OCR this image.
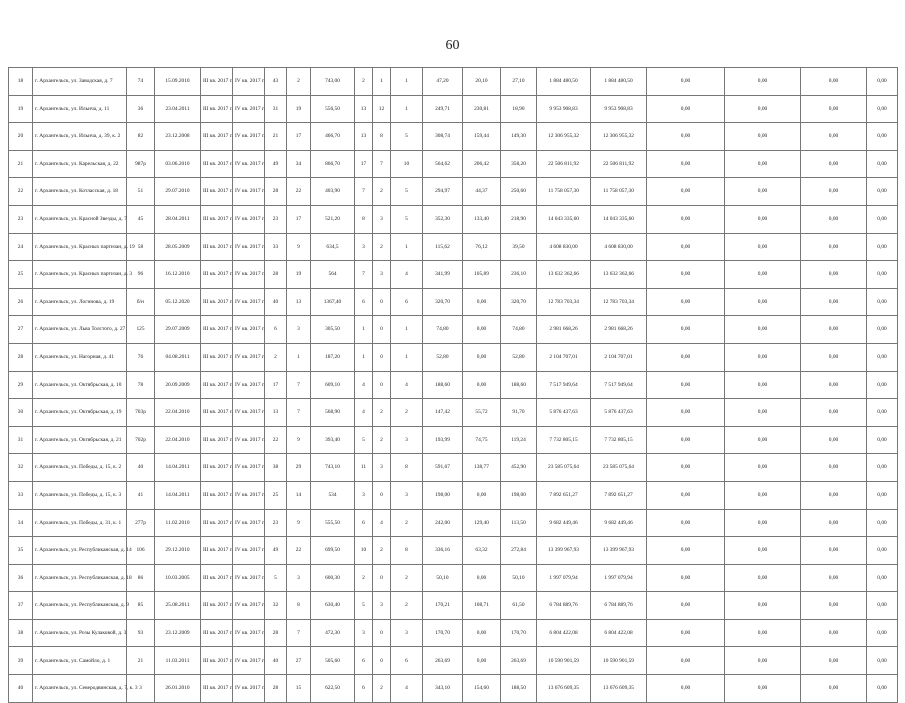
60
18	г. Архангельск, ул. Заводская, д. 7	74	15.09.2010	III кв. 2017 г.	IV кв. 2017 г.	43	2	743,00	2	1	1	47,20	20,10	27,10	1 884 480,50	1 884 480,50	0,00	0,00	0,00	0,00
19	г. Архангельск, ул. Ильича, д. 11	36	23.04.2011	III кв. 2017 г.	IV кв. 2017 г.	31	19	556,50	13	12	1	249,71	230,81	18,90	9 953 908,83	9 953 908,83	0,00	0,00	0,00	0,00
20	г. Архангельск, ул. Ильича, д. 39, к. 2	82	23.12.2008	III кв. 2017 г.	IV кв. 2017 г.	21	17	466,70	13	8	5	308,74	159,44	149,30	12 306 955,32	12 306 955,32	0,00	0,00	0,00	0,00
21	г. Архангельск, ул. Карельская, д. 22	987р	03.06.2010	III кв. 2017 г.	IV кв. 2017 г.	49	34	866,70	17	7	10	564,62	206,42	358,20	22 506 811,92	22 506 811,92	0,00	0,00	0,00	0,00
22	г. Архангельск, ул. Котласская, д. 18	51	29.07.2010	III кв. 2017 г.	IV кв. 2017 г.	28	22	403,90	7	2	5	294,97	44,37	250,60	11 758 057,30	11 758 057,30	0,00	0,00	0,00	0,00
23	г. Архангельск, ул. Красной Звезды, д. 7	45	28.04.2011	III кв. 2017 г.	IV кв. 2017 г.	23	17	521,20	8	3	5	352,30	133,40	218,90	14 043 335,60	14 043 335,60	0,00	0,00	0,00	0,00
24	г. Архангельск, ул. Красных партизан, д. 19	58	28.05.2009	III кв. 2017 г.	IV кв. 2017 г.	33	9	634,5	3	2	1	115,62	76,12	39,50	4 608 830,00	4 608 830,00	0,00	0,00	0,00	0,00
25	г. Архангельск, ул. Красных партизан, д. 3	96	16.12.2010	III кв. 2017 г.	IV кв. 2017 г.	28	19	564	7	3	4	341,99	105,89	236,10	13 632 362,66	13 632 362,66	0,00	0,00	0,00	0,00
26	г. Архангельск, ул. Логинова, д. 19	б/н	05.12.2020	III кв. 2017 г.	IV кв. 2017 г.	40	13	1367,40	6	0	6	320,70	0,00	320,70	12 783 703,34	12 783 703,34	0,00	0,00	0,00	0,00
27	г. Архангельск, ул. Льва Толстого, д. 27	125	29.07.2009	III кв. 2017 г.	IV кв. 2017 г.	6	3	305,50	1	0	1	74,80	0,00	74,80	2 981 668,26	2 981 668,26	0,00	0,00	0,00	0,00
28	г. Архангельск, ул. Нагорная, д. 41	76	04.08.2011	III кв. 2017 г.	IV кв. 2017 г.	2	1	187,20	1	0	1	52,80	0,00	52,80	2 104 707,01	2 104 707,01	0,00	0,00	0,00	0,00
29	г. Архангельск, ул. Октябрьская, д. 10	78	20.09.2009	III кв. 2017 г.	IV кв. 2017 г.	17	7	609,10	4	0	4	188,60	0,00	188,60	7 517 949,64	7 517 949,64	0,00	0,00	0,00	0,00
30	г. Архангельск, ул. Октябрьская, д. 19	703р	22.04.2010	III кв. 2017 г.	IV кв. 2017 г.	13	7	568,90	4	2	2	147,42	55,72	91,70	5 876 437,63	5 876 437,63	0,00	0,00	0,00	0,00
31	г. Архангельск, ул. Октябрьская, д. 21	702р	22.04.2010	III кв. 2017 г.	IV кв. 2017 г.	22	9	393,40	5	2	3	193,99	74,75	119,24	7 732 805,15	7 732 805,15	0,00	0,00	0,00	0,00
32	г. Архангельск, ул. Победы, д. 15, к. 2	40	14.04.2011	III кв. 2017 г.	IV кв. 2017 г.	38	29	743,10	11	3	8	591,67	138,77	452,90	23 585 075,64	23 585 075,64	0,00	0,00	0,00	0,00
33	г. Архангельск, ул. Победы, д. 15, к. 3	41	14.04.2011	III кв. 2017 г.	IV кв. 2017 г.	25	14	534	3	0	3	198,00	0,00	198,00	7 892 651,27	7 892 651,27	0,00	0,00	0,00	0,00
34	г. Архангельск, ул. Победы, д. 31, к. 1	277р	11.02.2010	III кв. 2017 г.	IV кв. 2017 г.	23	9	555,50	6	4	2	242,00	129,40	113,50	9 682 449,46	9 682 449,46	0,00	0,00	0,00	0,00
35	г. Архангельск, ул. Республиканская, д. 14	106	29.12.2010	III кв. 2017 г.	IV кв. 2017 г.	49	22	699,50	10	2	8	336,16	63,32	272,84	13 399 967,93	13 399 967,93	0,00	0,00	0,00	0,00
36	г. Архангельск, ул. Республиканская, д. 18	86	10.03.2005	III кв. 2017 г.	IV кв. 2017 г.	5	3	600,30	2	0	2	50,10	0,00	50,10	1 997 079,94	1 997 079,94	0,00	0,00	0,00	0,00
37	г. Архангельск, ул. Республиканская, д. 9	85	25.08.2011	III кв. 2017 г.	IV кв. 2017 г.	32	8	630,40	5	3	2	170,21	108,71	61,50	6 784 889,76	6 784 889,76	0,00	0,00	0,00	0,00
38	г. Архангельск, ул. Розы Кулаковой, д. 3	93	23.12.2009	III кв. 2017 г.	IV кв. 2017 г.	28	7	472,30	3	0	3	170,70	0,00	170,70	6 804 422,08	6 804 422,08	0,00	0,00	0,00	0,00
39	г. Архангельск, ул. Самойло, д. 1	21	11.03.2011	III кв. 2017 г.	IV кв. 2017 г.	40	27	505,60	6	0	6	263,69	0,00	263,69	10 590 901,59	10 590 901,59	0,00	0,00	0,00	0,00
40	г. Архангельск, ул. Северодвинская, д. 7, к. 3	3	26.01.2010	III кв. 2017 г.	IV кв. 2017 г.	28	15	622,50	6	2	4	343,10	154,60	188,50	13 676 609,35	13 676 609,35	0,00	0,00	0,00	0,00
